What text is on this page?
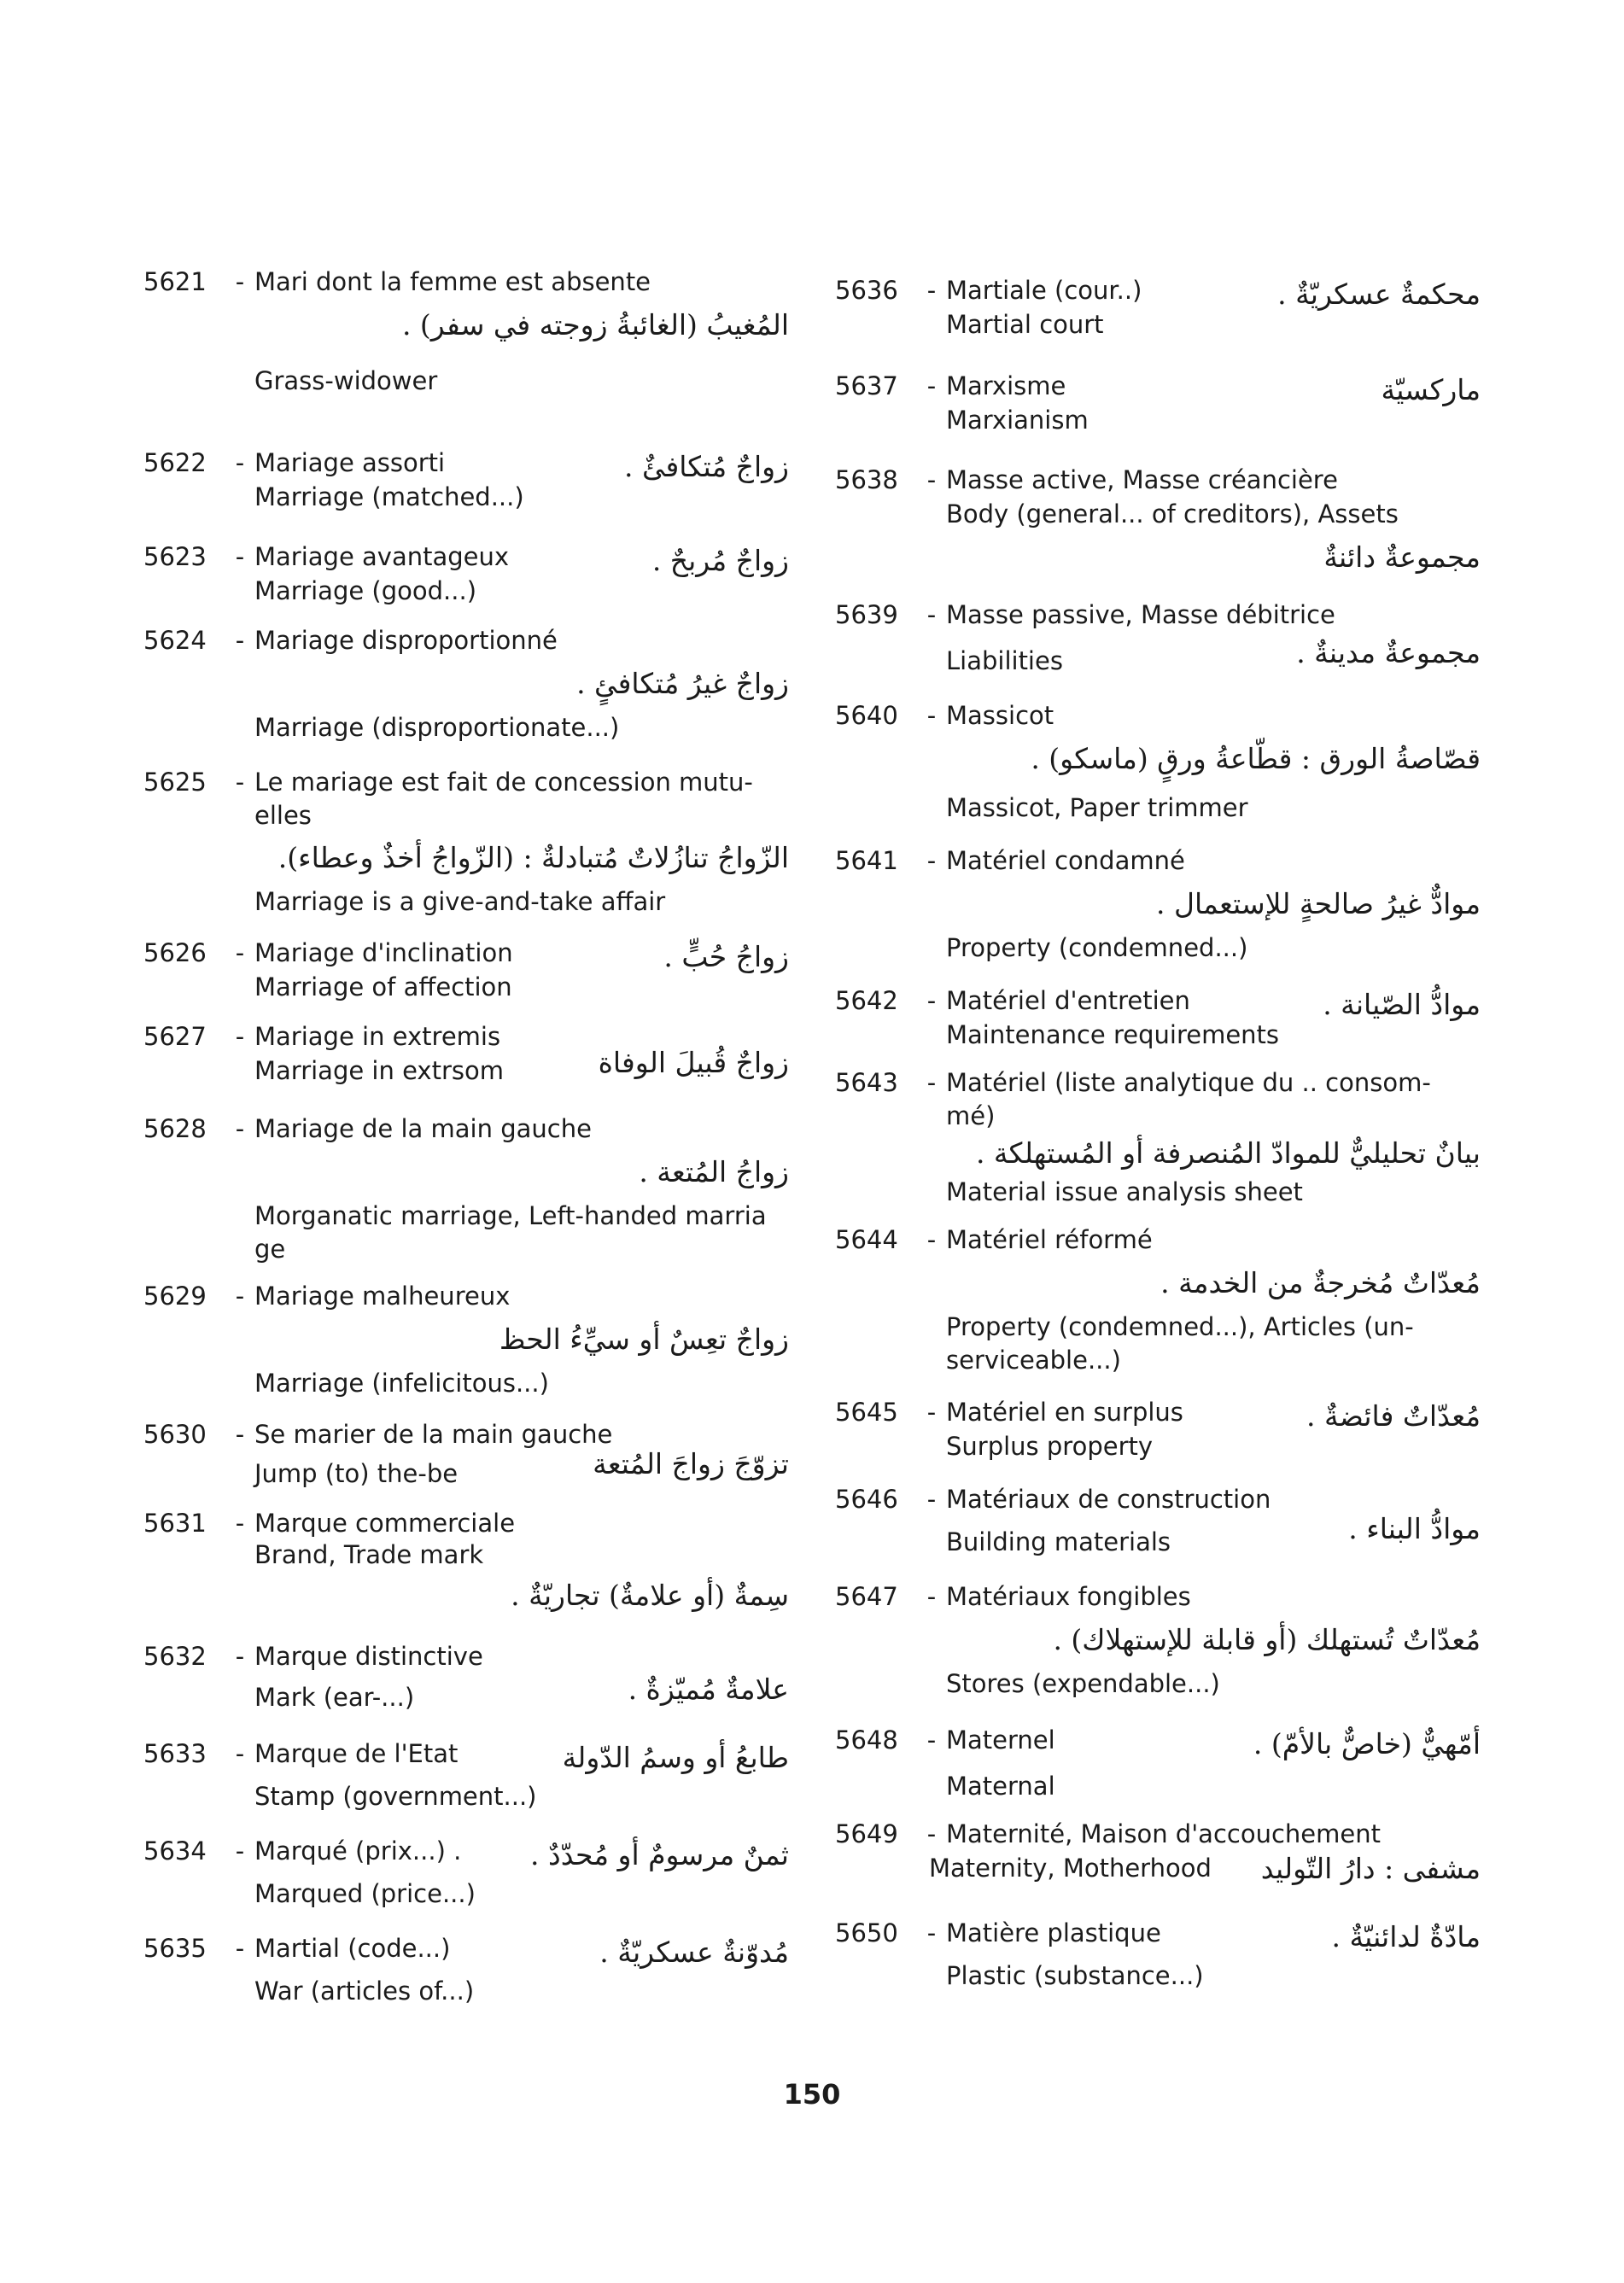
5621 - Mari dont la femme est absente
المُغيبُ (الغائبةُ زوجته في سفر) .
Grass-widower
5622 - Mariage assorti	زواجٌ مُتكافئٌ .
Marriage (matched...)
5623 - Mariage avantageux	زواجٌ مُربحٌ .
Marriage (good...)
5624 - Mariage disproportionné
زواجٌ غيرُ مُتكافئٍ .
Marriage (disproportionate...)
5625 - Le mariage est fait de concession mutu-
elles
الزّواجُ تنازُلاتٌ مُتبادلةٌ : (الزّواجُ أخذٌ وعطاء).
Marriage is a give-and-take affair
5626 - Mariage d'inclination	زواجُ حُبٍّ .
Marriage of affection
5627 - Mariage in extremis
زواجٌ قُبيلَ الوفاة
Marriage in extrsom
5628 - Mariage de la main gauche
زواجُ المُتعة .
Morganatic marriage, Left-handed marria
ge
5629 - Mariage malheureux
زواجٌ تعِسٌ أو سيِّءُ الحظ
Marriage (infelicitous...)
5630 - Se marier de la main gauche
تزوّجَ زواجَ المُتعة
Jump (to) the-be
5631 - Marque commerciale
Brand, Trade mark
سِمةٌ (أو علامةٌ) تجاريّةٌ .
5632 - Marque distinctive
علامةٌ مُميّزةٌ .
Mark (ear-...)
5633 - Marque de l'Etat	طابعُ أو وسمُ الدّولة
Stamp (government...)
5634 - Marqué (prix...) .	ثمنٌ مرسومٌ أو مُحدّدٌ .
Marqued (price...)
5635 - Martial (code...)	مُدوّنةٌ عسكريّةٌ .
War (articles of...)
5636 - Martiale (cour..)	محكمةٌ عسكريّةٌ .
Martial court
5637 - Marxisme	ماركسيّة
Marxianism
5638 - Masse active, Masse créancière
Body (general... of creditors), Assets
مجموعةٌ دائنةٌ
5639 - Masse passive, Masse débitrice
مجموعةٌ مدينةٌ .
Liabilities
5640 - Massicot
قصّاصةُ الورق : قطّاعةُ ورقٍ (ماسكو) .
Massicot, Paper trimmer
5641 - Matériel condamné
موادٌّ غيرُ صالحةٍ للإستعمال .
Property (condemned...)
5642 - Matériel d'entretien	موادُّ الصّيانة .
Maintenance requirements
5643 - Matériel (liste analytique du .. consom-
mé)
بيانٌ تحليليٌّ للموادّ المُنصرفة أو المُستهلكة .
Material issue analysis sheet
5644 - Matériel réformé
مُعدّاتٌ مُخرجةٌ من الخدمة .
Property (condemned...), Articles (un-
serviceable...)
5645 - Matériel en surplus	مُعدّاتٌ فائضةٌ .
Surplus property
5646 - Matériaux de construction
موادُّ البناء .
Building materials
5647 - Matériaux fongibles
مُعدّاتٌ تُستهلك (أو قابلة للإستهلاك) .
Stores (expendable...)
5648 - Maternel	أمّهيٌّ (خاصٌّ بالأمّ) .
Maternal
5649 - Maternité, Maison d'accouchement
مشفى : دارُ التّوليد
Maternity, Motherhood
5650 - Matière plastique	مادّةٌ لدائنيّةٌ .
Plastic (substance...)
150
